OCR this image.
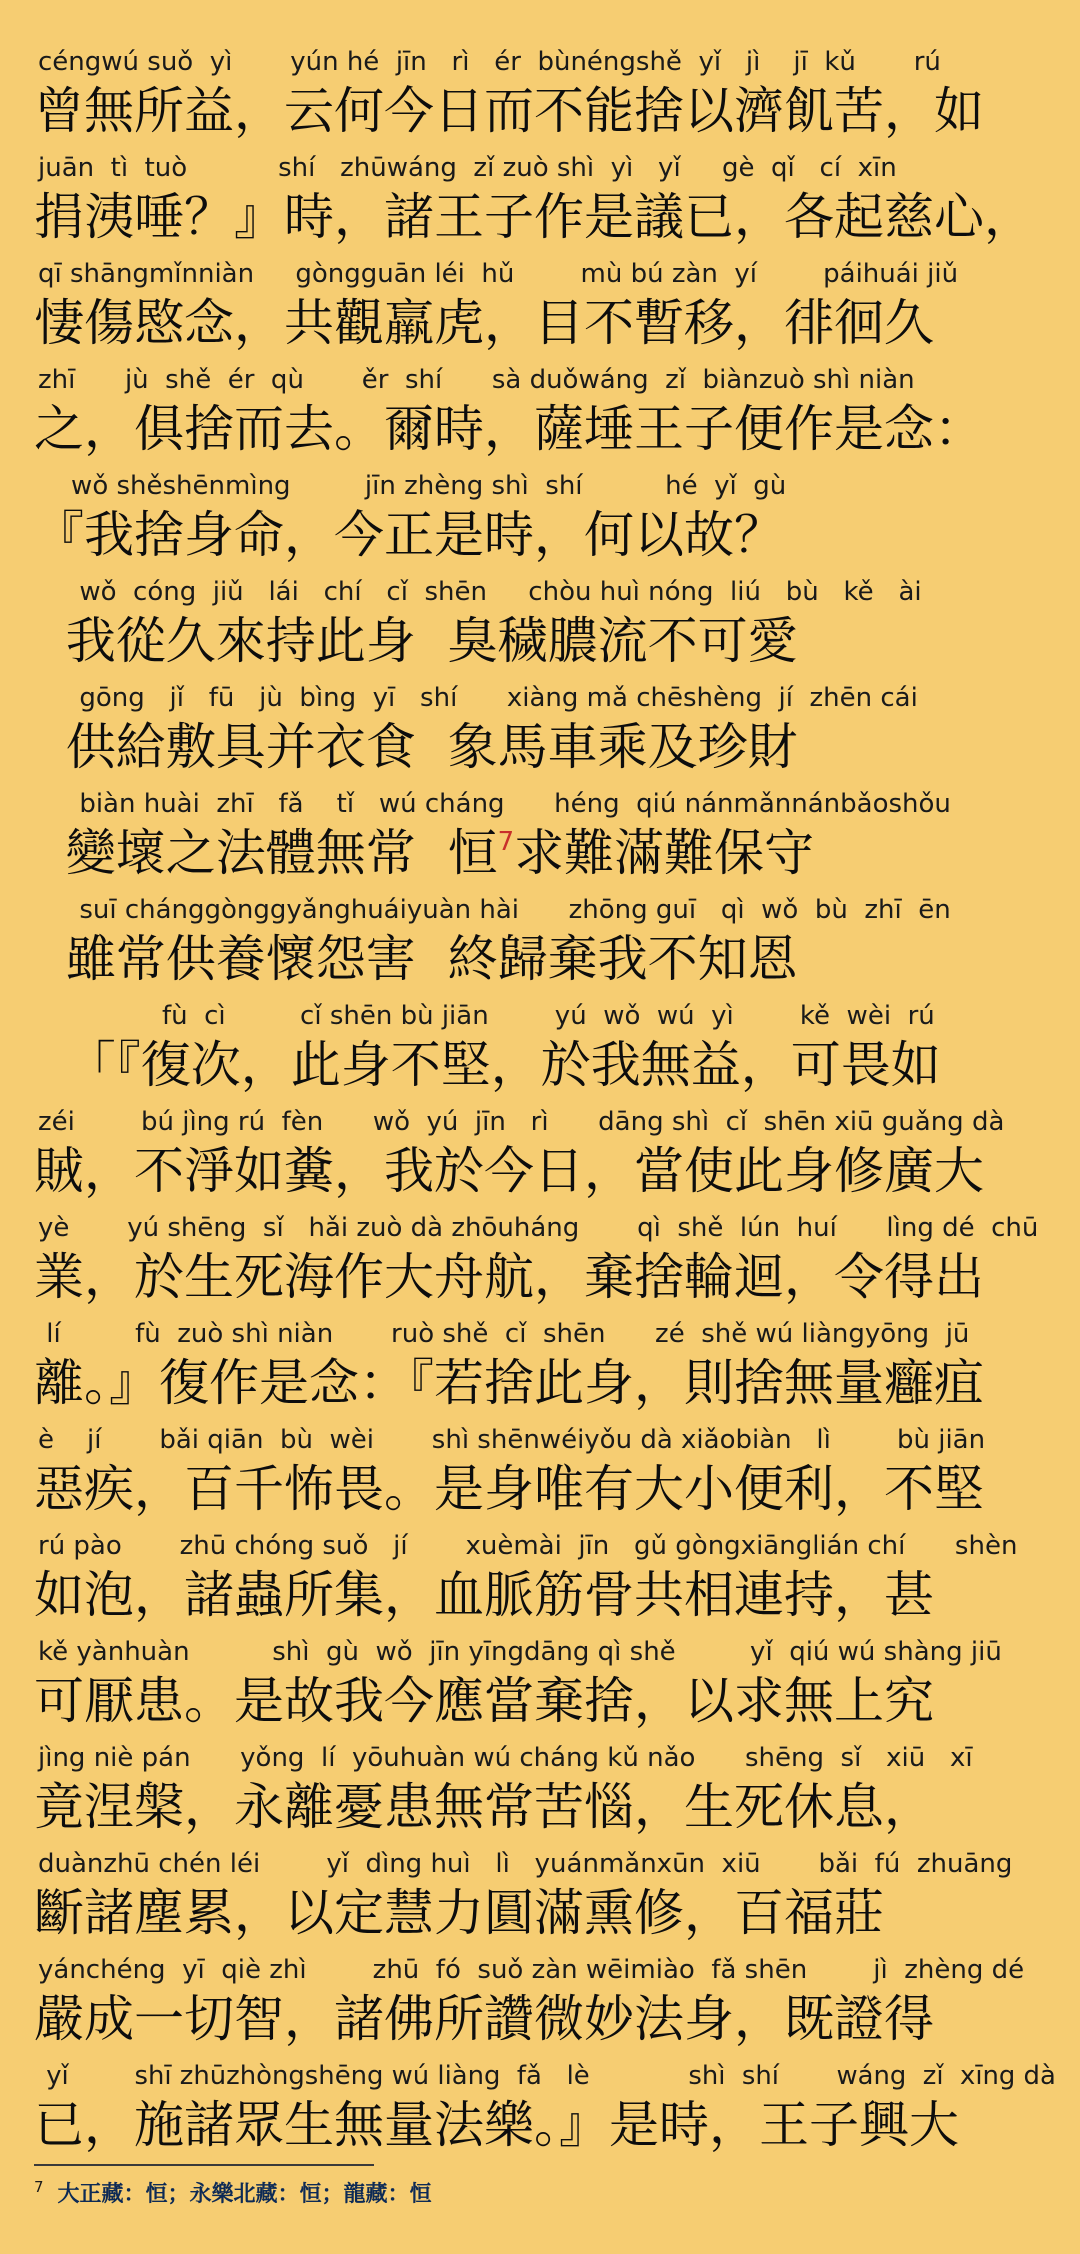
céngwú suǒ  yì       yún hé  jīn   rì   ér  bùnéngshě  yǐ   jì    jī  kǔ       rú
曾無所益，云何今日而不能捨以濟飢苦，如
juān  tì  tuò           shí   zhūwáng  zǐ zuò shì  yì   yǐ     gè  qǐ   cí  xīn
捐洟唾？』時，諸王子作是議已，各起慈心，
qī shāngmǐnniàn     gòngguān léi  hǔ        mù bú zàn  yí        páihuái jiǔ
悽傷愍念，共觀羸虎，目不暫移，徘徊久
zhī      jù  shě  ér  qù       ěr  shí      sà duǒwáng  zǐ  biànzuò shì niàn
之，俱捨而去。爾時，薩埵王子便作是念：
wǒ shěshēnmìng         jīn zhèng shì  shí          hé  yǐ  gù
『我捨身命，今正是時，何以故？
wǒ  cóng  jiǔ   lái   chí   cǐ  shēn     chòu huì nóng  liú   bù   kě   ài
我從久來持此身  臭穢膿流不可愛
gōng   jǐ   fū   jù  bìng  yī   shí      xiàng mǎ chēshèng  jí  zhēn cái
供給敷具并衣食  象馬車乘及珍財
biàn huài  zhī   fǎ    tǐ   wú cháng      héng  qiú nánmǎnnánbǎoshǒu
變壞之法體無常  恒$^7$求難滿難保守
suī chánggònggyǎnghuáiyuàn hài      zhōng guī   qì  wǒ  bù  zhī  ēn
雖常供養懷怨害  終歸棄我不知恩
fù  cì         cǐ shēn bù jiān        yú  wǒ  wú  yì        kě  wèi  rú
「『復次，此身不堅，於我無益，可畏如
zéi        bú jìng rú  fèn      wǒ  yú  jīn   rì      dāng shì  cǐ  shēn xiū guǎng dà
賊，不淨如糞，我於今日，當使此身修廣大
yè       yú shēng  sǐ   hǎi zuò dà zhōuháng       qì  shě  lún  huí      lìng dé  chū
業，於生死海作大舟航，棄捨輪迴，令得出
lí         fù  zuò shì niàn       ruò shě  cǐ  shēn      zé  shě wú liàngyōng  jū
離。』復作是念：『若捨此身，則捨無量癰疽
è    jí       bǎi qiān  bù  wèi       shì shēnwéiyǒu dà xiǎobiàn   lì        bù jiān
惡疾，百千怖畏。是身唯有大小便利，不堅
rú pào       zhū chóng suǒ   jí       xuèmài  jīn   gǔ gòngxiānglián chí      shèn
如泡，諸蟲所集，血脈筋骨共相連持，甚
kě yànhuàn          shì  gù  wǒ  jīn yīngdāng qì shě         yǐ  qiú wú shàng jiū
可厭患。是故我今應當棄捨，以求無上究
jìng niè pán      yǒng  lí  yōuhuàn wú cháng kǔ nǎo      shēng  sǐ   xiū   xī
竟涅槃，永離憂患無常苦惱，生死休息，
duànzhū chén léi        yǐ  dìng huì   lì   yuánmǎnxūn  xiū       bǎi  fú  zhuāng
斷諸塵累，以定慧力圓滿熏修，百福莊
yánchéng  yī  qiè zhì        zhū  fó  suǒ zàn wēimiào  fǎ shēn        jì  zhèng dé
嚴成一切智，諸佛所讚微妙法身，既證得
yǐ        shī zhūzhòngshēng wú liàng  fǎ   lè            shì  shí       wáng  zǐ  xīng dà
已，施諸眾生無量法樂。』是時，王子興大
$^7$ 大正藏：恒；永樂北藏：恒；龍藏：恒
